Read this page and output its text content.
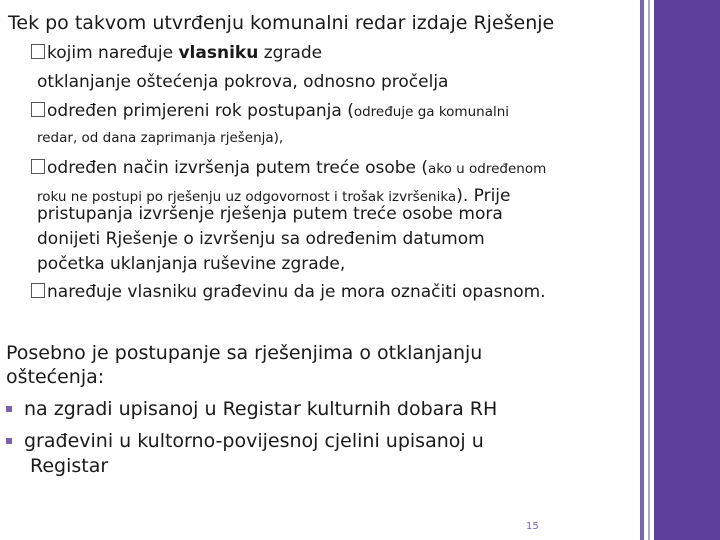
Tek po takvom utvrđenju komunalni redar izdaje Rješenje
kojim naređuje vlasniku zgrade
otklanjanje oštećenja pokrova, odnosno pročelja
određen primjereni rok postupanja (određuje ga komunalni
redar, od dana zaprimanja rješenja),
određen način izvršenja putem treće osobe (ako u određenom
roku ne postupi po rješenju uz odgovornost i trošak izvršenika). Prije
pristupanja izvršenje rješenja putem treće osobe mora
donijeti Rješenje o izvršenju sa određenim datumom
početka uklanjanja ruševine zgrade,
naređuje vlasniku građevinu da je mora označiti opasnom.
Posebno je postupanje sa rješenjima o otklanjanju
oštećenja:
na zgradi upisanoj u Registar kulturnih dobara RH
građevini u kultorno-povijesnoj cjelini upisanoj u
Registar
15
